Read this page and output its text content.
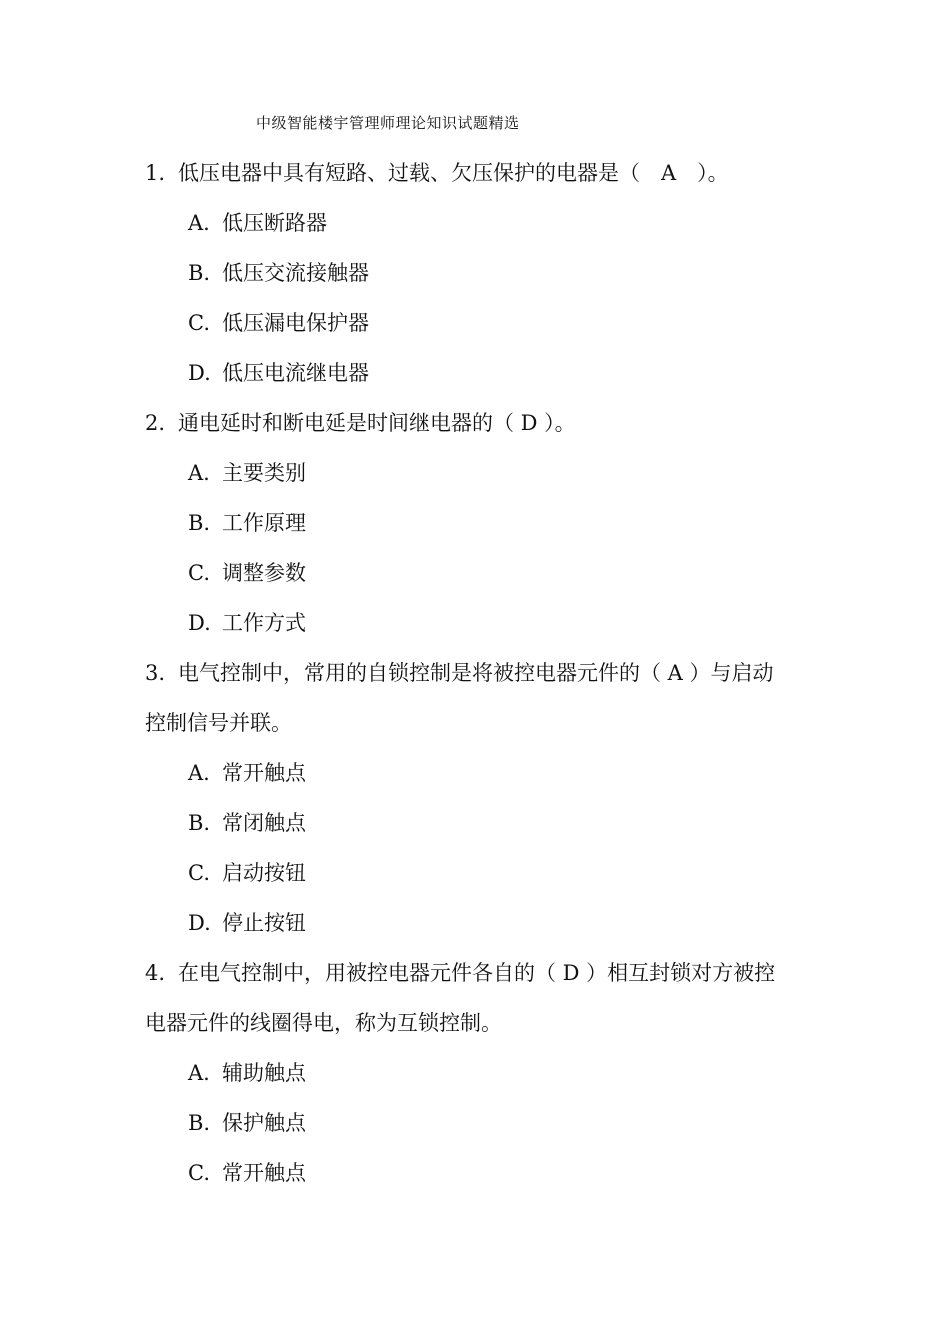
中级智能楼宇管理师理论知识试题精选
1. 低压电器中具有短路、过载、欠压保护的电器是（　A　）。
A. 低压断路器
B. 低压交流接触器
C. 低压漏电保护器
D. 低压电流继电器
2. 通电延时和断电延是时间继电器的（ D ）。
A. 主要类别
B. 工作原理
C. 调整参数
D. 工作方式
3. 电气控制中，常用的自锁控制是将被控电器元件的（ A ）与启动
控制信号并联。
A. 常开触点
B. 常闭触点
C. 启动按钮
D. 停止按钮
4. 在电气控制中，用被控电器元件各自的（ D ）相互封锁对方被控
电器元件的线圈得电，称为互锁控制。
A. 辅助触点
B. 保护触点
C. 常开触点
